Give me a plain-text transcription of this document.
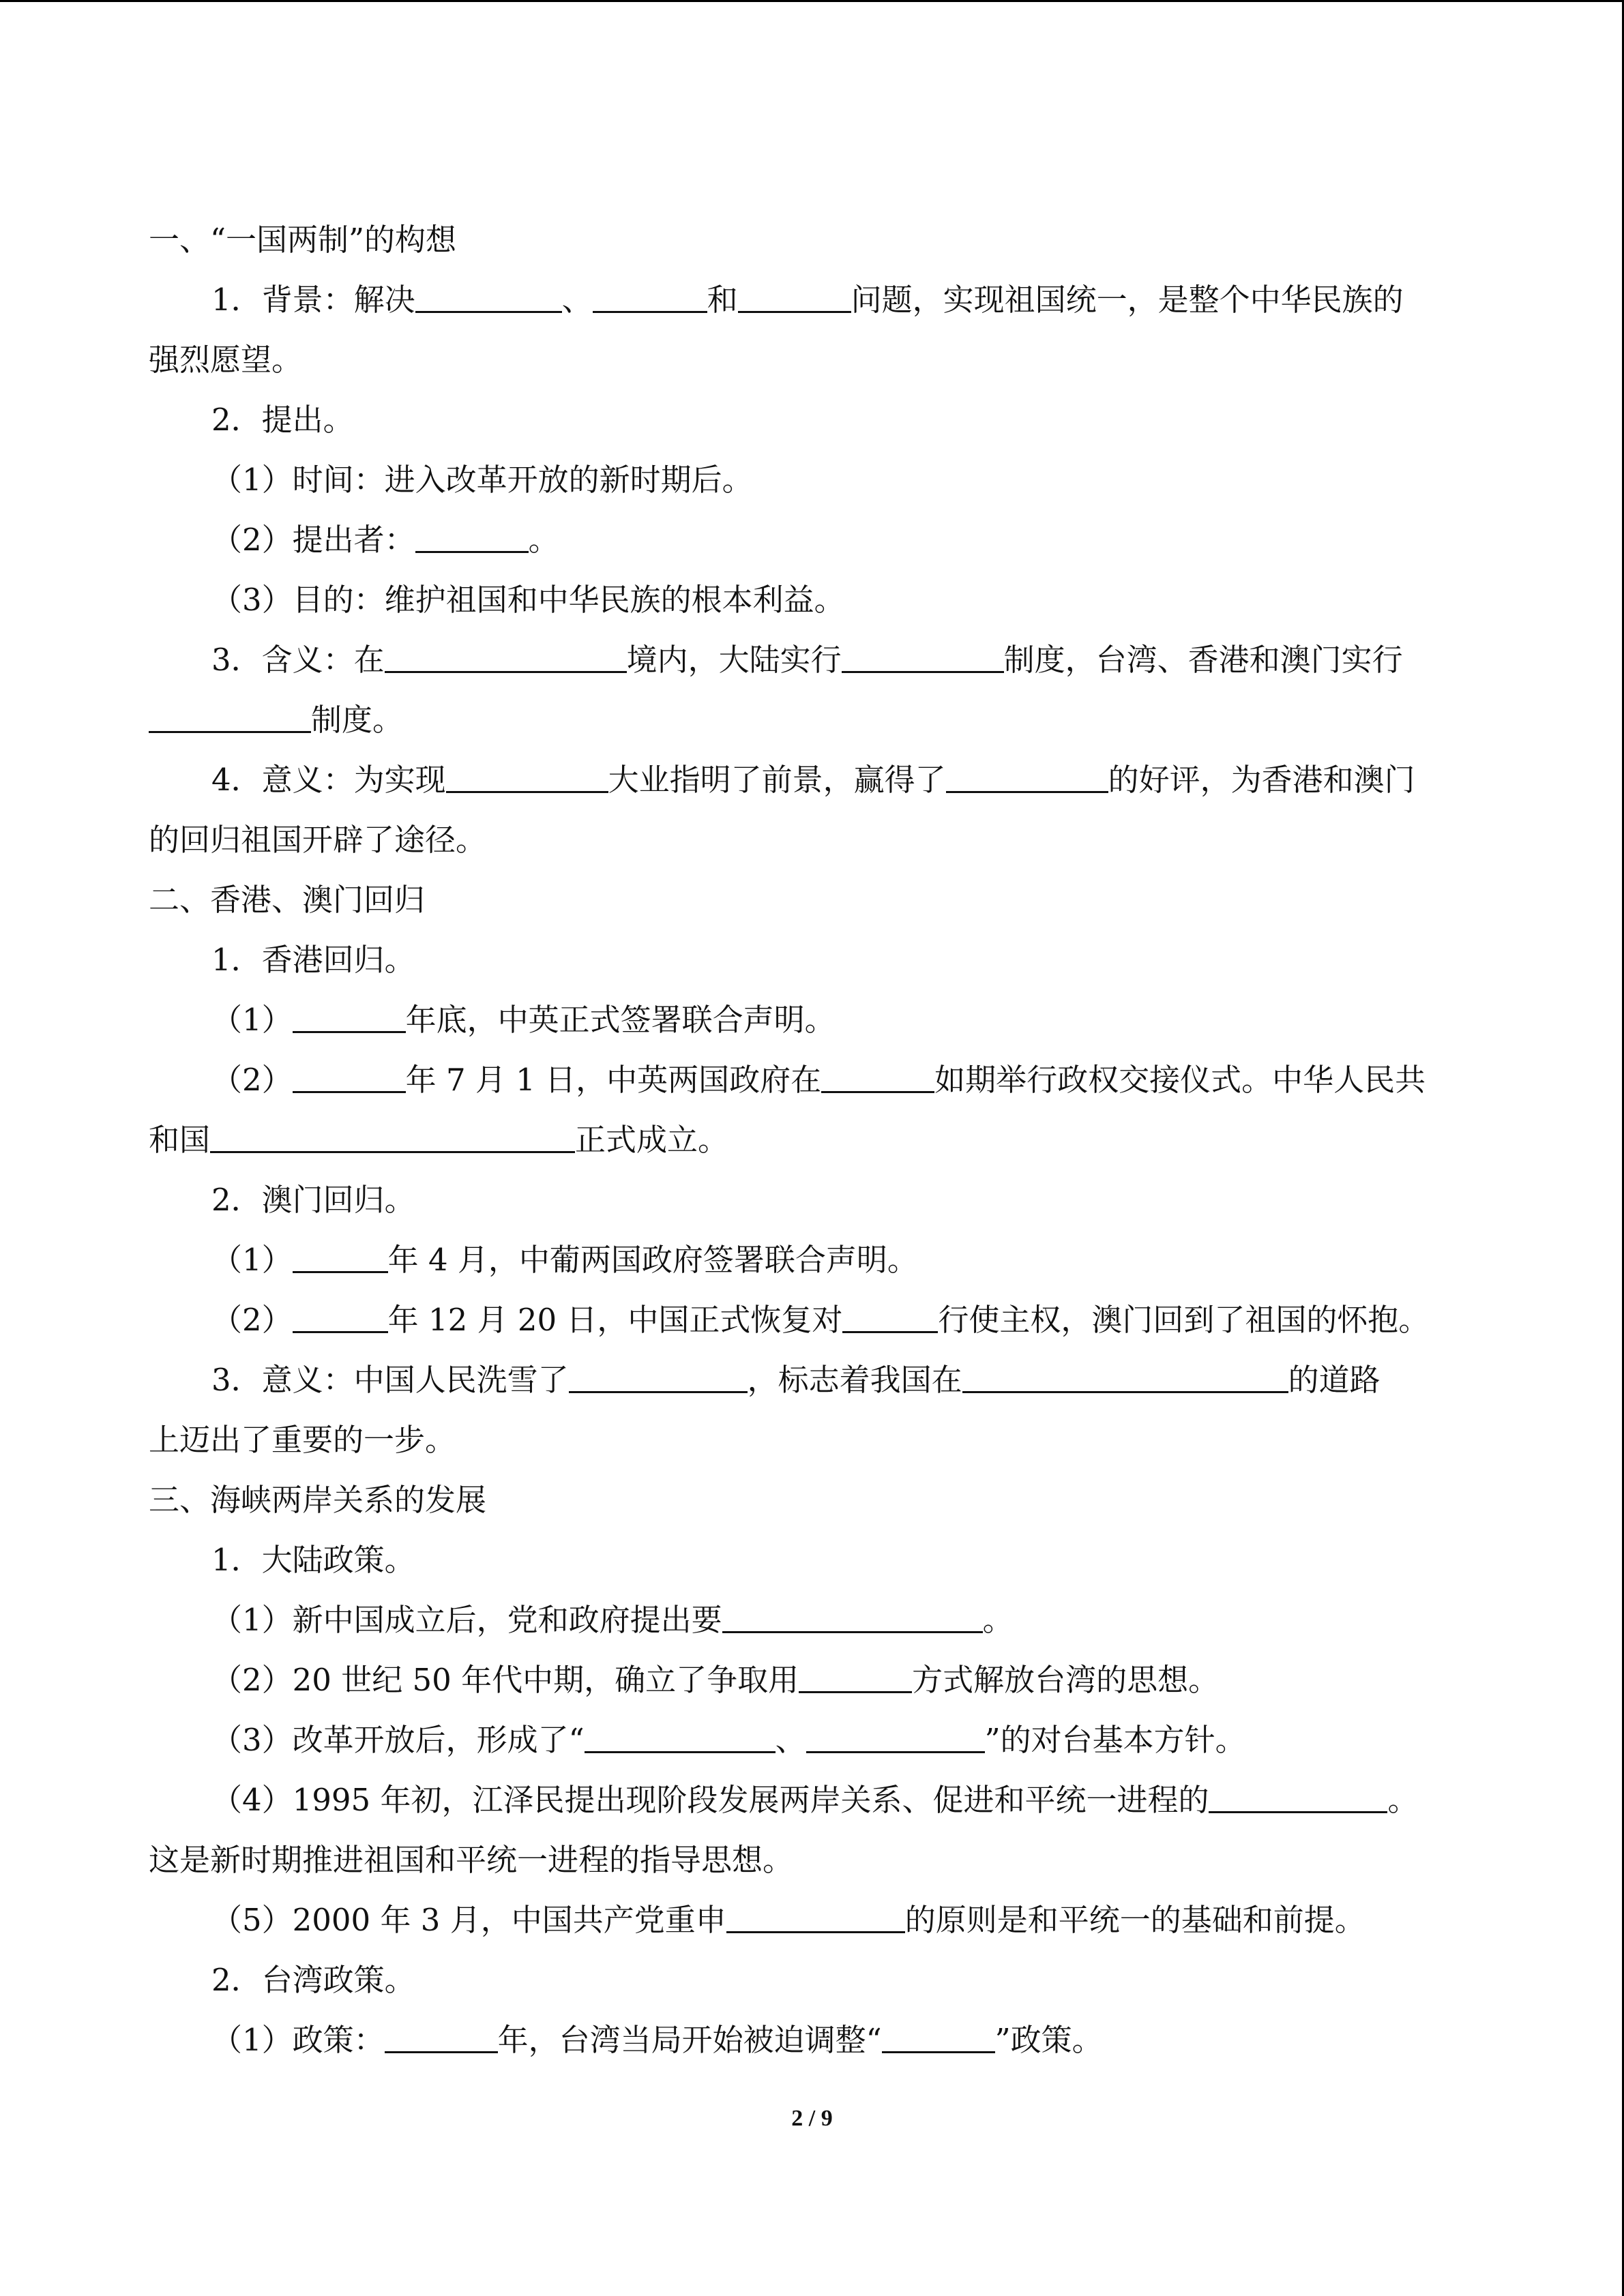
一、“一国两制”的构想
1．背景：解决	、	和	问题，实现祖国统一，是整个中华民族的
强烈愿望。
2．提出。
（1）时间：进入改革开放的新时期后。
（2）提出者：	。
（3）目的：维护祖国和中华民族的根本利益。
3．含义：在	境内，大陆实行	制度，台湾、香港和澳门实行
制度。
4．意义：为实现	大业指明了前景，赢得了	的好评，为香港和澳门
的回归祖国开辟了途径。
二、香港、澳门回归
1．香港回归。
（1）	年底，中英正式签署联合声明。
（2）	年 7 月 1 日，中英两国政府在	如期举行政权交接仪式。中华人民共
和国	正式成立。
2．澳门回归。
（1）	年 4 月，中葡两国政府签署联合声明。
（2）	年 12 月 20 日，中国正式恢复对	行使主权，澳门回到了祖国的怀抱。
3．意义：中国人民洗雪了	，标志着我国在	的道路
上迈出了重要的一步。
三、海峡两岸关系的发展
1．大陆政策。
（1）新中国成立后，党和政府提出要	。
（2）20 世纪 50 年代中期，确立了争取用	方式解放台湾的思想。
（3）改革开放后，形成了“	、	”的对台基本方针。
（4）1995 年初，江泽民提出现阶段发展两岸关系、促进和平统一进程的	。
这是新时期推进祖国和平统一进程的指导思想。
（5）2000 年 3 月，中国共产党重申	的原则是和平统一的基础和前提。
2．台湾政策。
（1）政策：	年，台湾当局开始被迫调整“	”政策。
2 / 9
